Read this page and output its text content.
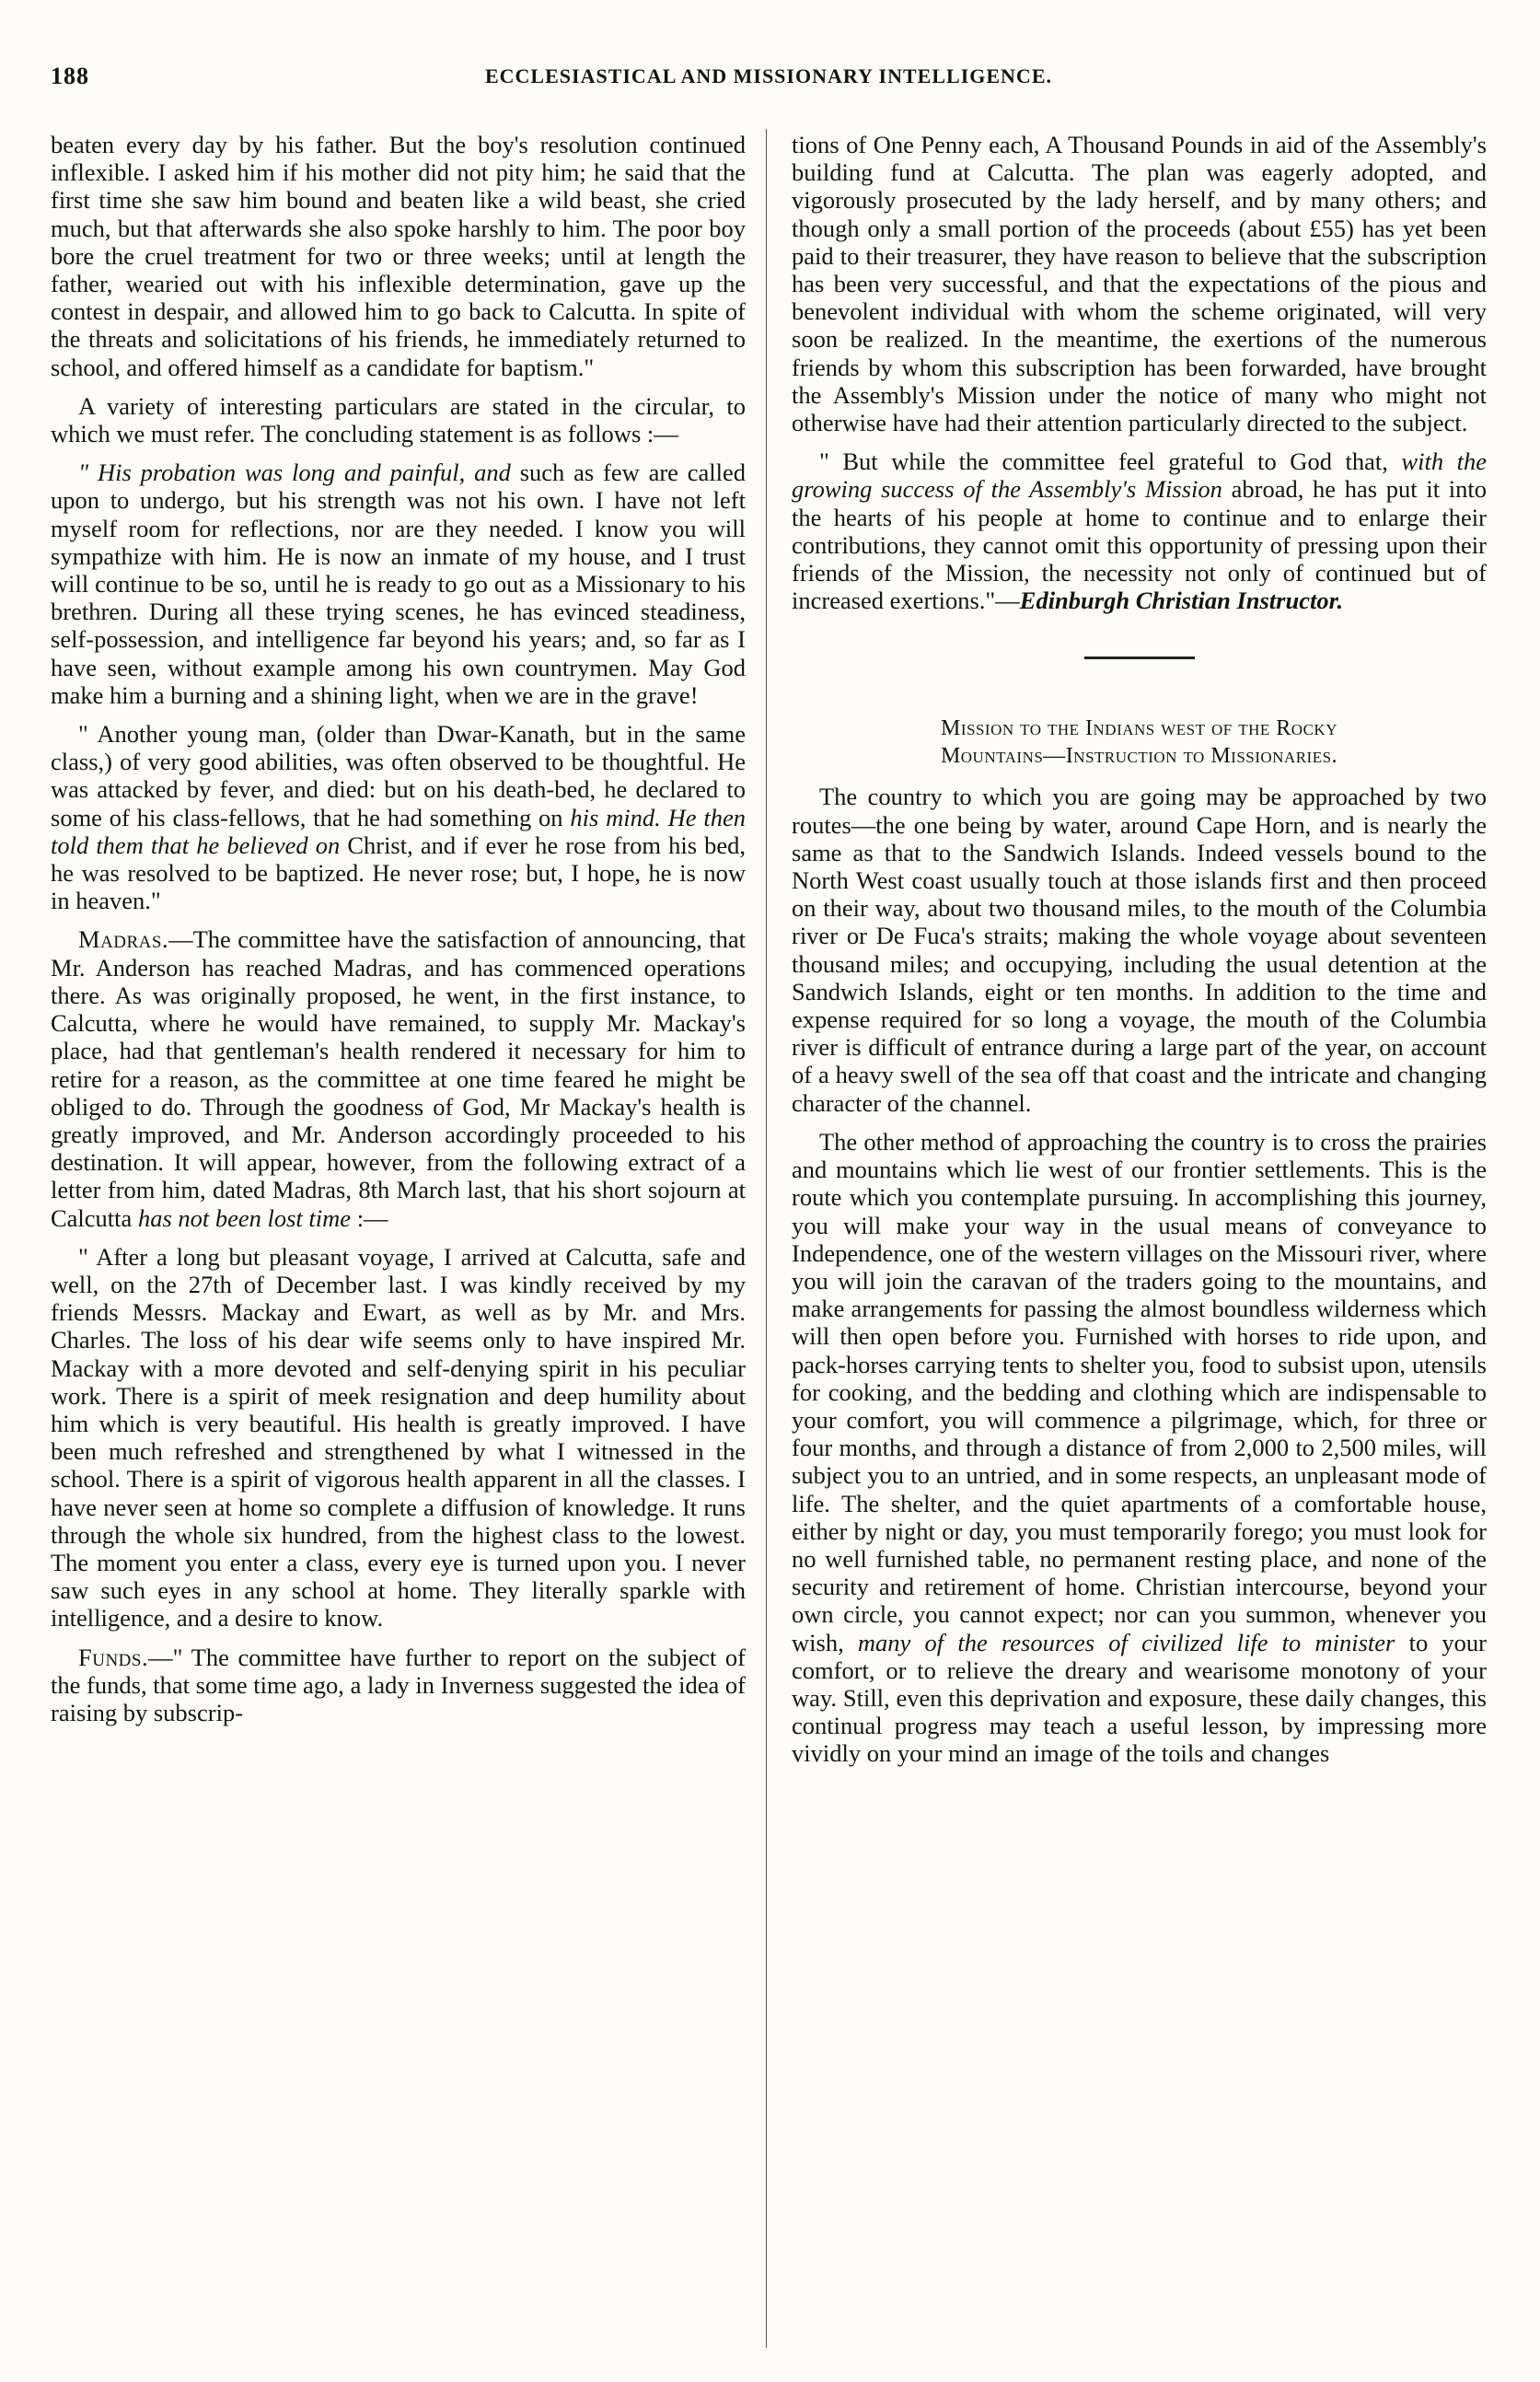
188	ECCLESIASTICAL AND MISSIONARY INTELLIGENCE.

beaten every day by his father. But the boy's resolution continued inflexible. I asked him if his mother did not pity him; he said that the first time she saw him bound and beaten like a wild beast, she cried much, but that afterwards she also spoke harshly to him. The poor boy bore the cruel treatment for two or three weeks; until at length the father, wearied out with his inflexible determination, gave up the contest in despair, and allowed him to go back to Calcutta. In spite of the threats and solicitations of his friends, he immediately returned to school, and offered himself as a candidate for baptism."

A variety of interesting particulars are stated in the circular, to which we must refer. The concluding statement is as follows :—

" His probation was long and painful, and such as few are called upon to undergo, but his strength was not his own. I have not left myself room for reflections, nor are they needed. I know you will sympathize with him. He is now an inmate of my house, and I trust will continue to be so, until he is ready to go out as a Missionary to his brethren. During all these trying scenes, he has evinced steadiness, self-possession, and intelligence far beyond his years; and, so far as I have seen, without example among his own countrymen. May God make him a burning and a shining light, when we are in the grave!

" Another young man, (older than Dwar-Kanath, but in the same class,) of very good abilities, was often observed to be thoughtful. He was attacked by fever, and died: but on his death-bed, he declared to some of his class-fellows, that he had something on his mind. He then told them that he believed on Christ, and if ever he rose from his bed, he was resolved to be baptized. He never rose; but, I hope, he is now in heaven."

Madras.—The committee have the satisfaction of announcing, that Mr. Anderson has reached Madras, and has commenced operations there. As was originally proposed, he went, in the first instance, to Calcutta, where he would have remained, to supply Mr. Mackay's place, had that gentleman's health rendered it necessary for him to retire for a reason, as the committee at one time feared he might be obliged to do. Through the goodness of God, Mr Mackay's health is greatly improved, and Mr. Anderson accordingly proceeded to his destination. It will appear, however, from the following extract of a letter from him, dated Madras, 8th March last, that his short sojourn at Calcutta has not been lost time :—

" After a long but pleasant voyage, I arrived at Calcutta, safe and well, on the 27th of December last. I was kindly received by my friends Messrs. Mackay and Ewart, as well as by Mr. and Mrs. Charles. The loss of his dear wife seems only to have inspired Mr. Mackay with a more devoted and self-denying spirit in his peculiar work. There is a spirit of meek resignation and deep humility about him which is very beautiful. His health is greatly improved. I have been much refreshed and strengthened by what I witnessed in the school. There is a spirit of vigorous health apparent in all the classes. I have never seen at home so complete a diffusion of knowledge. It runs through the whole six hundred, from the highest class to the lowest. The moment you enter a class, every eye is turned upon you. I never saw such eyes in any school at home. They literally sparkle with intelligence, and a desire to know.

Funds.—" The committee have further to report on the subject of the funds, that some time ago, a lady in Inverness suggested the idea of raising by subscrip-

tions of One Penny each, A Thousand Pounds in aid of the Assembly's building fund at Calcutta. The plan was eagerly adopted, and vigorously prosecuted by the lady herself, and by many others; and though only a small portion of the proceeds (about £55) has yet been paid to their treasurer, they have reason to believe that the subscription has been very successful, and that the expectations of the pious and benevolent individual with whom the scheme originated, will very soon be realized. In the meantime, the exertions of the numerous friends by whom this subscription has been forwarded, have brought the Assembly's Mission under the notice of many who might not otherwise have had their attention particularly directed to the subject.

" But while the committee feel grateful to God that, with the growing success of the Assembly's Mission abroad, he has put it into the hearts of his people at home to continue and to enlarge their contributions, they cannot omit this opportunity of pressing upon their friends of the Mission, the necessity not only of continued but of increased exertions."—Edinburgh Christian Instructor.

Mission to the Indians west of the Rocky
Mountains—Instruction to Missionaries.

The country to which you are going may be approached by two routes—the one being by water, around Cape Horn, and is nearly the same as that to the Sandwich Islands. Indeed vessels bound to the North West coast usually touch at those islands first and then proceed on their way, about two thousand miles, to the mouth of the Columbia river or De Fuca's straits; making the whole voyage about seventeen thousand miles; and occupying, including the usual detention at the Sandwich Islands, eight or ten months. In addition to the time and expense required for so long a voyage, the mouth of the Columbia river is difficult of entrance during a large part of the year, on account of a heavy swell of the sea off that coast and the intricate and changing character of the channel.

The other method of approaching the country is to cross the prairies and mountains which lie west of our frontier settlements. This is the route which you contemplate pursuing. In accomplishing this journey, you will make your way in the usual means of conveyance to Independence, one of the western villages on the Missouri river, where you will join the caravan of the traders going to the mountains, and make arrangements for passing the almost boundless wilderness which will then open before you. Furnished with horses to ride upon, and pack-horses carrying tents to shelter you, food to subsist upon, utensils for cooking, and the bedding and clothing which are indispensable to your comfort, you will commence a pilgrimage, which, for three or four months, and through a distance of from 2,000 to 2,500 miles, will subject you to an untried, and in some respects, an unpleasant mode of life. The shelter, and the quiet apartments of a comfortable house, either by night or day, you must temporarily forego; you must look for no well furnished table, no permanent resting place, and none of the security and retirement of home. Christian intercourse, beyond your own circle, you cannot expect; nor can you summon, whenever you wish, many of the resources of civilized life to minister to your comfort, or to relieve the dreary and wearisome monotony of your way. Still, even this deprivation and exposure, these daily changes, this continual progress may teach a useful lesson, by impressing more vividly on your mind an image of the toils and changes
